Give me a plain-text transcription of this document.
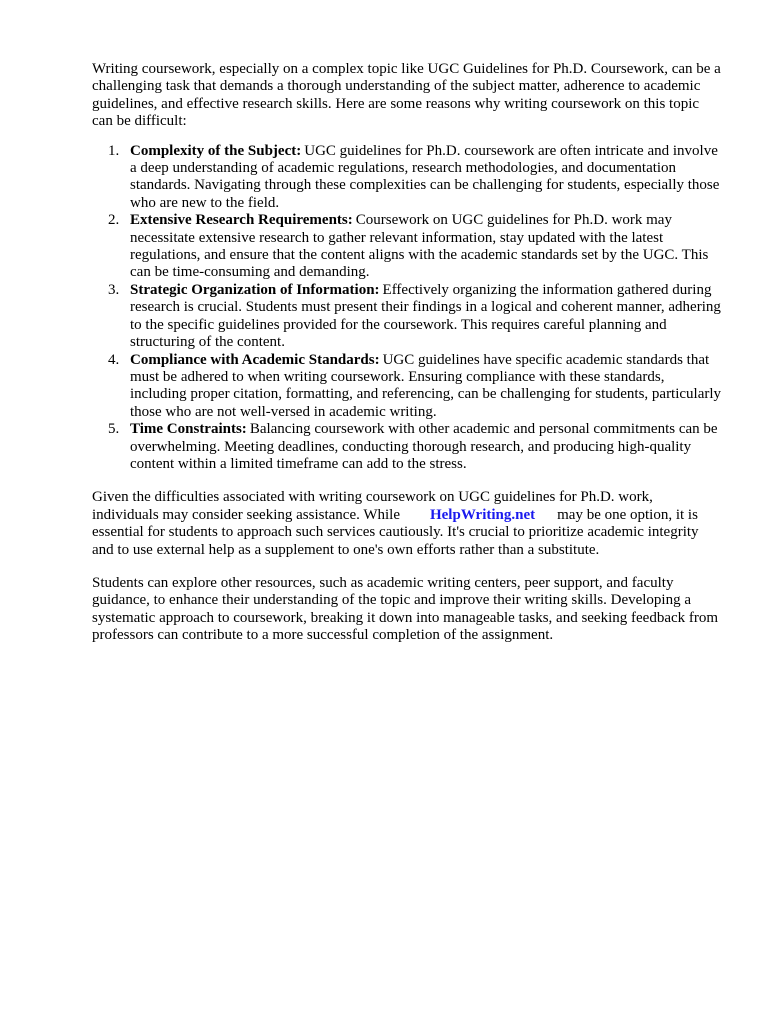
Writing coursework, especially on a complex topic like UGC Guidelines for Ph.D. Coursework, can be a challenging task that demands a thorough understanding of the subject matter, adherence to academic guidelines, and effective research skills. Here are some reasons why writing coursework on this topic can be difficult:

1. Complexity of the Subject: UGC guidelines for Ph.D. coursework are often intricate and involve a deep understanding of academic regulations, research methodologies, and documentation standards. Navigating through these complexities can be challenging for students, especially those who are new to the field.
2. Extensive Research Requirements: Coursework on UGC guidelines for Ph.D. work may necessitate extensive research to gather relevant information, stay updated with the latest regulations, and ensure that the content aligns with the academic standards set by the UGC. This can be time-consuming and demanding.
3. Strategic Organization of Information: Effectively organizing the information gathered during research is crucial. Students must present their findings in a logical and coherent manner, adhering to the specific guidelines provided for the coursework. This requires careful planning and structuring of the content.
4. Compliance with Academic Standards: UGC guidelines have specific academic standards that must be adhered to when writing coursework. Ensuring compliance with these standards, including proper citation, formatting, and referencing, can be challenging for students, particularly those who are not well-versed in academic writing.
5. Time Constraints: Balancing coursework with other academic and personal commitments can be overwhelming. Meeting deadlines, conducting thorough research, and producing high-quality content within a limited timeframe can add to the stress.

Given the difficulties associated with writing coursework on UGC guidelines for Ph.D. work, individuals may consider seeking assistance. While HelpWriting.net may be one option, it is essential for students to approach such services cautiously. It's crucial to prioritize academic integrity and to use external help as a supplement to one's own efforts rather than a substitute.

Students can explore other resources, such as academic writing centers, peer support, and faculty guidance, to enhance their understanding of the topic and improve their writing skills. Developing a systematic approach to coursework, breaking it down into manageable tasks, and seeking feedback from professors can contribute to a more successful completion of the assignment.
